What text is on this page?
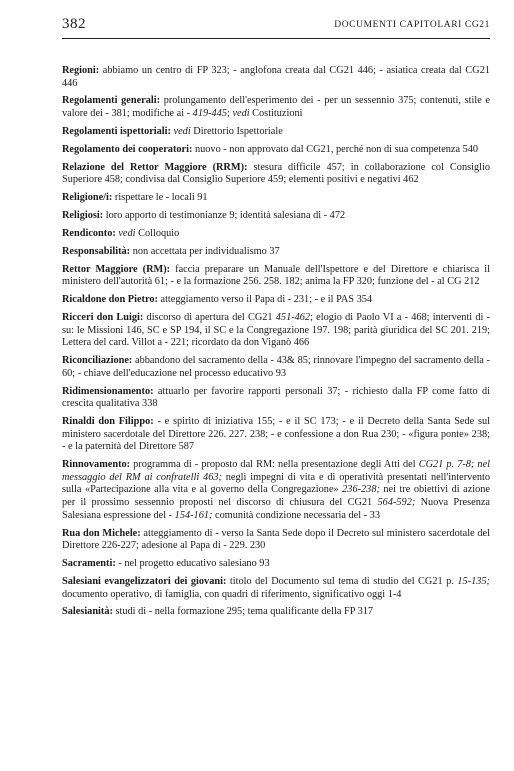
382	DOCUMENTI CAPITOLARI CG21

Regioni: abbiamo un centro di FP 323; - anglofona creata dal CG21 446; - asiatica creata dal CG21 446

Regolamenti generali: prolungamento dell'esperimento dei - per un sessennio 375; contenuti, stile e valore dei - 381; modifiche ai - 419-445; vedi Costituzioni

Regolamenti ispettoriali: vedi Direttorio Ispettoriale

Regolamento dei cooperatori: nuovo - non approvato dal CG21, perché non di sua competenza 540

Relazione del Rettor Maggiore (RRM): stesura difficile 457; in collaborazione col Consiglio Superiore 458; condivisa dal Consiglio Superiore 459; elementi positivi e negativi 462

Religione/i: rispettare le - locali 91

Religiosi: loro apporto di testimonianze 9; identità salesiana di - 472

Rendiconto: vedi Colloquio

Responsabilità: non accettata per individualismo 37

Rettor Maggiore (RM): faccia preparare un Manuale dell'Ispettore e del Direttore e chiarisca il ministero dell'autorità 61; - e la formazione 256. 258. 182; anima la FP 320; funzione del - al CG 212

Ricaldone don Pietro: atteggiamento verso il Papa di - 231; - e il PAS 354

Ricceri don Luigi: discorso di apertura del CG21 451-462; elogio di Paolo VI a - 468; interventi di - su: le Missioni 146, SC e SP 194, il SC e la Congregazione 197. 198; parità giuridica del SC 201. 219; Lettera del card. Villot a - 221; ricordato da don Viganò 466

Riconciliazione: abbandono del sacramento della - 43& 85; rinnovare l'impegno del sacramento della - 60; - chiave dell'educazione nel processo educativo 93

Ridimensionamento: attuarlo per favorire rapporti personali 37; - richiesto dalla FP come fatto di crescita qualitativa 338

Rinaldi don Filippo: - e spirito di iniziativa 155; - e il SC 173; - e il Decreto della Santa Sede sul ministero sacerdotale del Direttore 226. 227. 238; - e confessione a don Rua 230; - «figura ponte» 238; - e la paternità del Direttore 587

Rinnovamento: programma di - proposto dal RM: nella presentazione degli Atti del CG21 p. 7-8; nel messaggio del RM ai confratelli 463; negli impegni di vita e di operatività presentati nell'intervento sulla «Partecipazione alla vita e al governo della Congregazione» 236-238; nei tre obiettivi di azione per il prossimo sessennio proposti nel discorso di chiusura del CG21 564-592; Nuova Presenza Salesiana espressione del - 154-161; comunità condizione necessaria del - 33

Rua don Michele: atteggiamento di - verso la Santa Sede dopo il Decreto sul ministero sacerdotale del Direttore 226-227; adesione al Papa di - 229. 230

Sacramenti: - nel progetto educativo salesiano 93

Salesiani evangelizzatori dei giovani: titolo del Documento sul tema di studio del CG21 p. 15-135; documento operativo, di famiglia, con quadri di riferimento, significativo oggi 1-4

Salesianità: studi di - nella formazione 295; tema qualificante della FP 317
